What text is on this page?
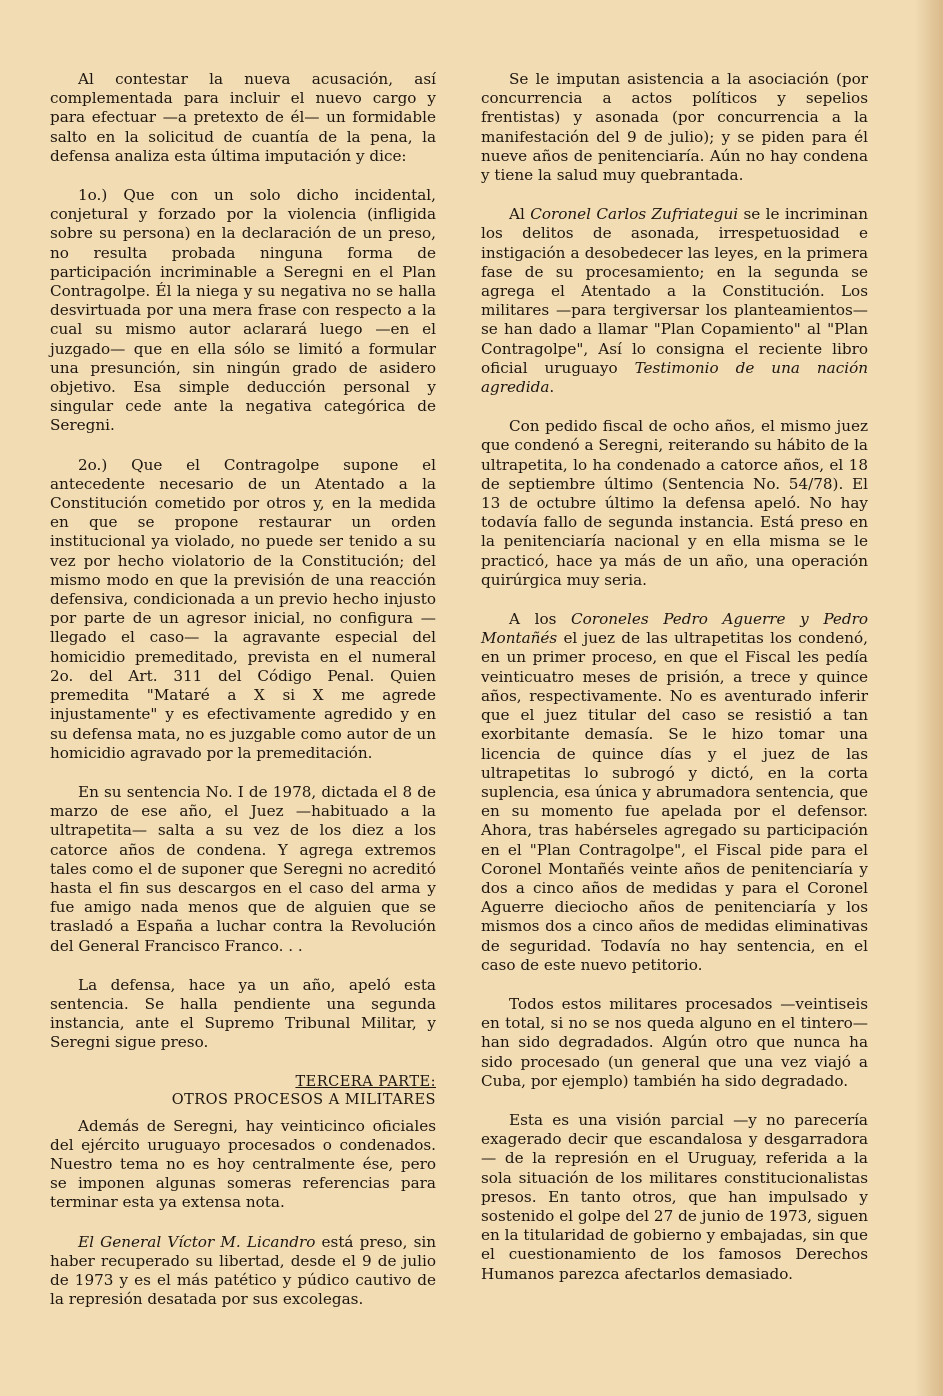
Al contestar la nueva acusación, así complementada para incluir el nuevo cargo y para efectuar —a pretexto de él— un formidable salto en la solicitud de cuantía de la pena, la defensa analiza esta última imputación y dice:

1o.) Que con un solo dicho incidental, conjetural y forzado por la violencia (infligida sobre su persona) en la declaración de un preso, no resulta probada ninguna forma de participación incriminable a Seregni en el Plan Contragolpe. Él la niega y su negativa no se halla desvirtuada por una mera frase con respecto a la cual su mismo autor aclarará luego —en el juzgado— que en ella sólo se limitó a formular una presunción, sin ningún grado de asidero objetivo. Esa simple deducción personal y singular cede ante la negativa categórica de Seregni.

2o.) Que el Contragolpe supone el antecedente necesario de un Atentado a la Constitución cometido por otros y, en la medida en que se propone restaurar un orden institucional ya violado, no puede ser tenido a su vez por hecho violatorio de la Constitución; del mismo modo en que la previsión de una reacción defensiva, condicionada a un previo hecho injusto por parte de un agresor inicial, no configura —llegado el caso— la agravante especial del homicidio premeditado, prevista en el numeral 2o. del Art. 311 del Código Penal. Quien premedita "Mataré a X si X me agrede injustamente" y es efectivamente agredido y en su defensa mata, no es juzgable como autor de un homicidio agravado por la premeditación.

En su sentencia No. I de 1978, dictada el 8 de marzo de ese año, el Juez —habituado a la ultrapetita— salta a su vez de los diez a los catorce años de condena. Y agrega extremos tales como el de suponer que Seregni no acreditó hasta el fin sus descargos en el caso del arma y fue amigo nada menos que de alguien que se trasladó a España a luchar contra la Revolución del General Francisco Franco. . .

La defensa, hace ya un año, apeló esta sentencia. Se halla pendiente una segunda instancia, ante el Supremo Tribunal Militar, y Seregni sigue preso.

TERCERA PARTE:
OTROS PROCESOS A MILITARES

Además de Seregni, hay veinticinco oficiales del ejército uruguayo procesados o condenados. Nuestro tema no es hoy centralmente ése, pero se imponen algunas someras referencias para terminar esta ya extensa nota.

El General Víctor M. Licandro está preso, sin haber recuperado su libertad, desde el 9 de julio de 1973 y es el más patético y púdico cautivo de la represión desatada por sus excolegas.

Se le imputan asistencia a la asociación (por concurrencia a actos políticos y sepelios frentistas) y asonada (por concurrencia a la manifestación del 9 de julio); y se piden para él nueve años de penitenciaría. Aún no hay condena y tiene la salud muy quebrantada.

Al Coronel Carlos Zufriategui se le incriminan los delitos de asonada, irrespetuosidad e instigación a desobedecer las leyes, en la primera fase de su procesamiento; en la segunda se agrega el Atentado a la Constitución. Los militares —para tergiversar los planteamientos— se han dado a llamar "Plan Copamiento" al "Plan Contragolpe", Así lo consigna el reciente libro oficial uruguayo Testimonio de una nación agredida.

Con pedido fiscal de ocho años, el mismo juez que condenó a Seregni, reiterando su hábito de la ultrapetita, lo ha condenado a catorce años, el 18 de septiembre último (Sentencia No. 54/78). El 13 de octubre último la defensa apeló. No hay todavía fallo de segunda instancia. Está preso en la penitenciaría nacional y en ella misma se le practicó, hace ya más de un año, una operación quirúrgica muy seria.

A los Coroneles Pedro Aguerre y Pedro Montañés el juez de las ultrapetitas los condenó, en un primer proceso, en que el Fiscal les pedía veinticuatro meses de prisión, a trece y quince años, respectivamente. No es aventurado inferir que el juez titular del caso se resistió a tan exorbitante demasía. Se le hizo tomar una licencia de quince días y el juez de las ultrapetitas lo subrogó y dictó, en la corta suplencia, esa única y abrumadora sentencia, que en su momento fue apelada por el defensor. Ahora, tras habérseles agregado su participación en el "Plan Contragolpe", el Fiscal pide para el Coronel Montañés veinte años de penitenciaría y dos a cinco años de medidas y para el Coronel Aguerre dieciocho años de penitenciaría y los mismos dos a cinco años de medidas eliminativas de seguridad. Todavía no hay sentencia, en el caso de este nuevo petitorio.

Todos estos militares procesados —veintiseis en total, si no se nos queda alguno en el tintero— han sido degradados. Algún otro que nunca ha sido procesado (un general que una vez viajó a Cuba, por ejemplo) también ha sido degradado.

Esta es una visión parcial —y no parecería exagerado decir que escandalosa y desgarradora— de la represión en el Uruguay, referida a la sola situación de los militares constitucionalistas presos. En tanto otros, que han impulsado y sostenido el golpe del 27 de junio de 1973, siguen en la titularidad de gobierno y embajadas, sin que el cuestionamiento de los famosos Derechos Humanos parezca afectarlos demasiado.
